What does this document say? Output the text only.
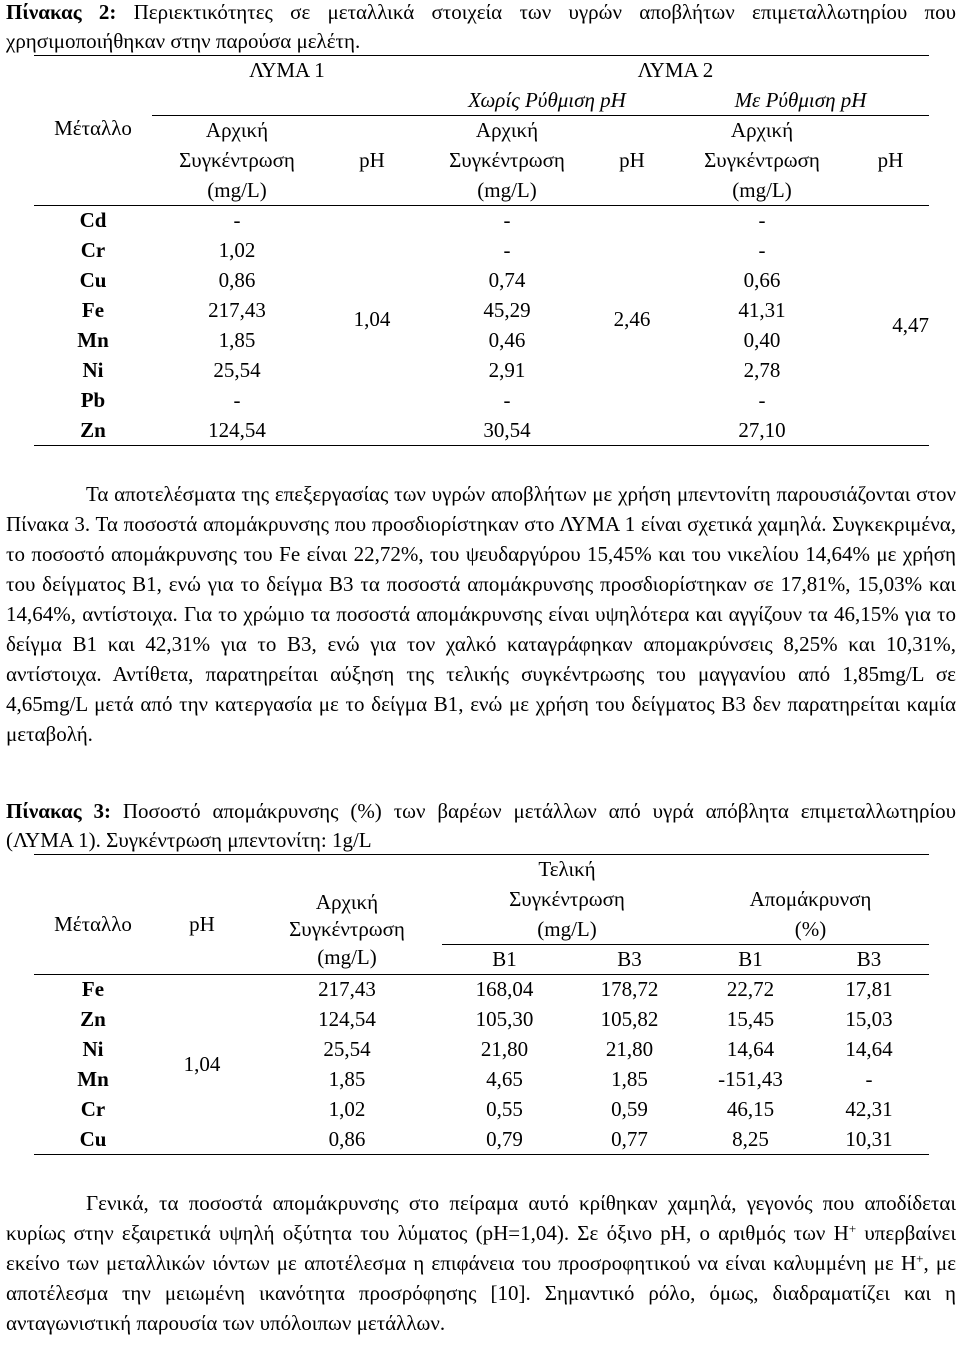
Πίνακας 2: Περιεκτικότητες σε μεταλλικά στοιχεία των υγρών αποβλήτων επιμεταλλωτηρίου που χρησιμοποιήθηκαν στην παρούσα μελέτη.
	ΛΥΜΑ 1		ΛΥΜΑ 2			
Μέταλλο			Χωρίς Ρύθμιση pH		Με Ρύθμιση pH	
	Αρχική		Αρχική		Αρχική	
	Συγκέντρωση	pH	Συγκέντρωση	pH	Συγκέντρωση	pH
	(mg/L)		(mg/L)		(mg/L)	
Cd	-	1,04	-	2,46	-	4,47
Cr	1,02		-		-	
Cu	0,86		0,74		0,66	
Fe	217,43		45,29		41,31	
Mn	1,85		0,46		0,40	
Ni	25,54		2,91		2,78	
Pb	-		-		-	
Zn	124,54		30,54		27,10	
Τα αποτελέσματα της επεξεργασίας των υγρών αποβλήτων με χρήση μπεντονίτη παρουσιάζονται στον Πίνακα 3. Τα ποσοστά απομάκρυνσης που προσδιορίστηκαν στο ΛΥΜΑ 1 είναι σχετικά χαμηλά. Συγκεκριμένα, το ποσοστό απομάκρυνσης του Fe είναι 22,72%, του ψευδαργύρου 15,45% και του νικελίου 14,64% με χρήση του δείγματος Β1, ενώ για το δείγμα Β3 τα ποσοστά απομάκρυνσης προσδιορίστηκαν σε 17,81%, 15,03% και 14,64%, αντίστοιχα. Για το χρώμιο τα ποσοστά απομάκρυνσης είναι υψηλότερα και αγγίζουν τα 46,15% για το δείγμα Β1 και 42,31% για το Β3, ενώ για τον χαλκό καταγράφηκαν απομακρύνσεις 8,25% και 10,31%, αντίστοιχα. Αντίθετα, παρατηρείται αύξηση της τελικής συγκέντρωσης του μαγγανίου από 1,85mg/L σε 4,65mg/L μετά από την κατεργασία με το δείγμα Β1, ενώ με χρήση του δείγματος Β3 δεν παρατηρείται καμία μεταβολή.
Πίνακας 3: Ποσοστό απομάκρυνσης (%) των βαρέων μετάλλων από υγρά απόβλητα επιμεταλλωτηρίου (ΛΥΜΑ 1). Συγκέντρωση μπεντονίτη: 1g/L
			Τελική			
Μέταλλο	pH	Αρχική	Συγκέντρωση		Απομάκρυνση	
		Συγκέντρωση	(mg/L)		(%)	
		(mg/L)	Β1	Β3	Β1	Β3
Fe	1,04	217,43	168,04	178,72	22,72	17,81
Zn		124,54	105,30	105,82	15,45	15,03
Ni		25,54	21,80	21,80	14,64	14,64
Mn		1,85	4,65	1,85	-151,43	-
Cr		1,02	0,55	0,59	46,15	42,31
Cu		0,86	0,79	0,77	8,25	10,31
Γενικά, τα ποσοστά απομάκρυνσης στο πείραμα αυτό κρίθηκαν χαμηλά, γεγονός που αποδίδεται κυρίως στην εξαιρετικά υψηλή οξύτητα του λύματος (pH=1,04). Σε όξινο pH, ο αριθμός των H+ υπερβαίνει εκείνο των μεταλλικών ιόντων με αποτέλεσμα η επιφάνεια του προσροφητικού να είναι καλυμμένη με H+, με αποτέλεσμα την μειωμένη ικανότητα προσρόφησης [10]. Σημαντικό ρόλο, όμως, διαδραματίζει και η ανταγωνιστική παρουσία των υπόλοιπων μετάλλων.
